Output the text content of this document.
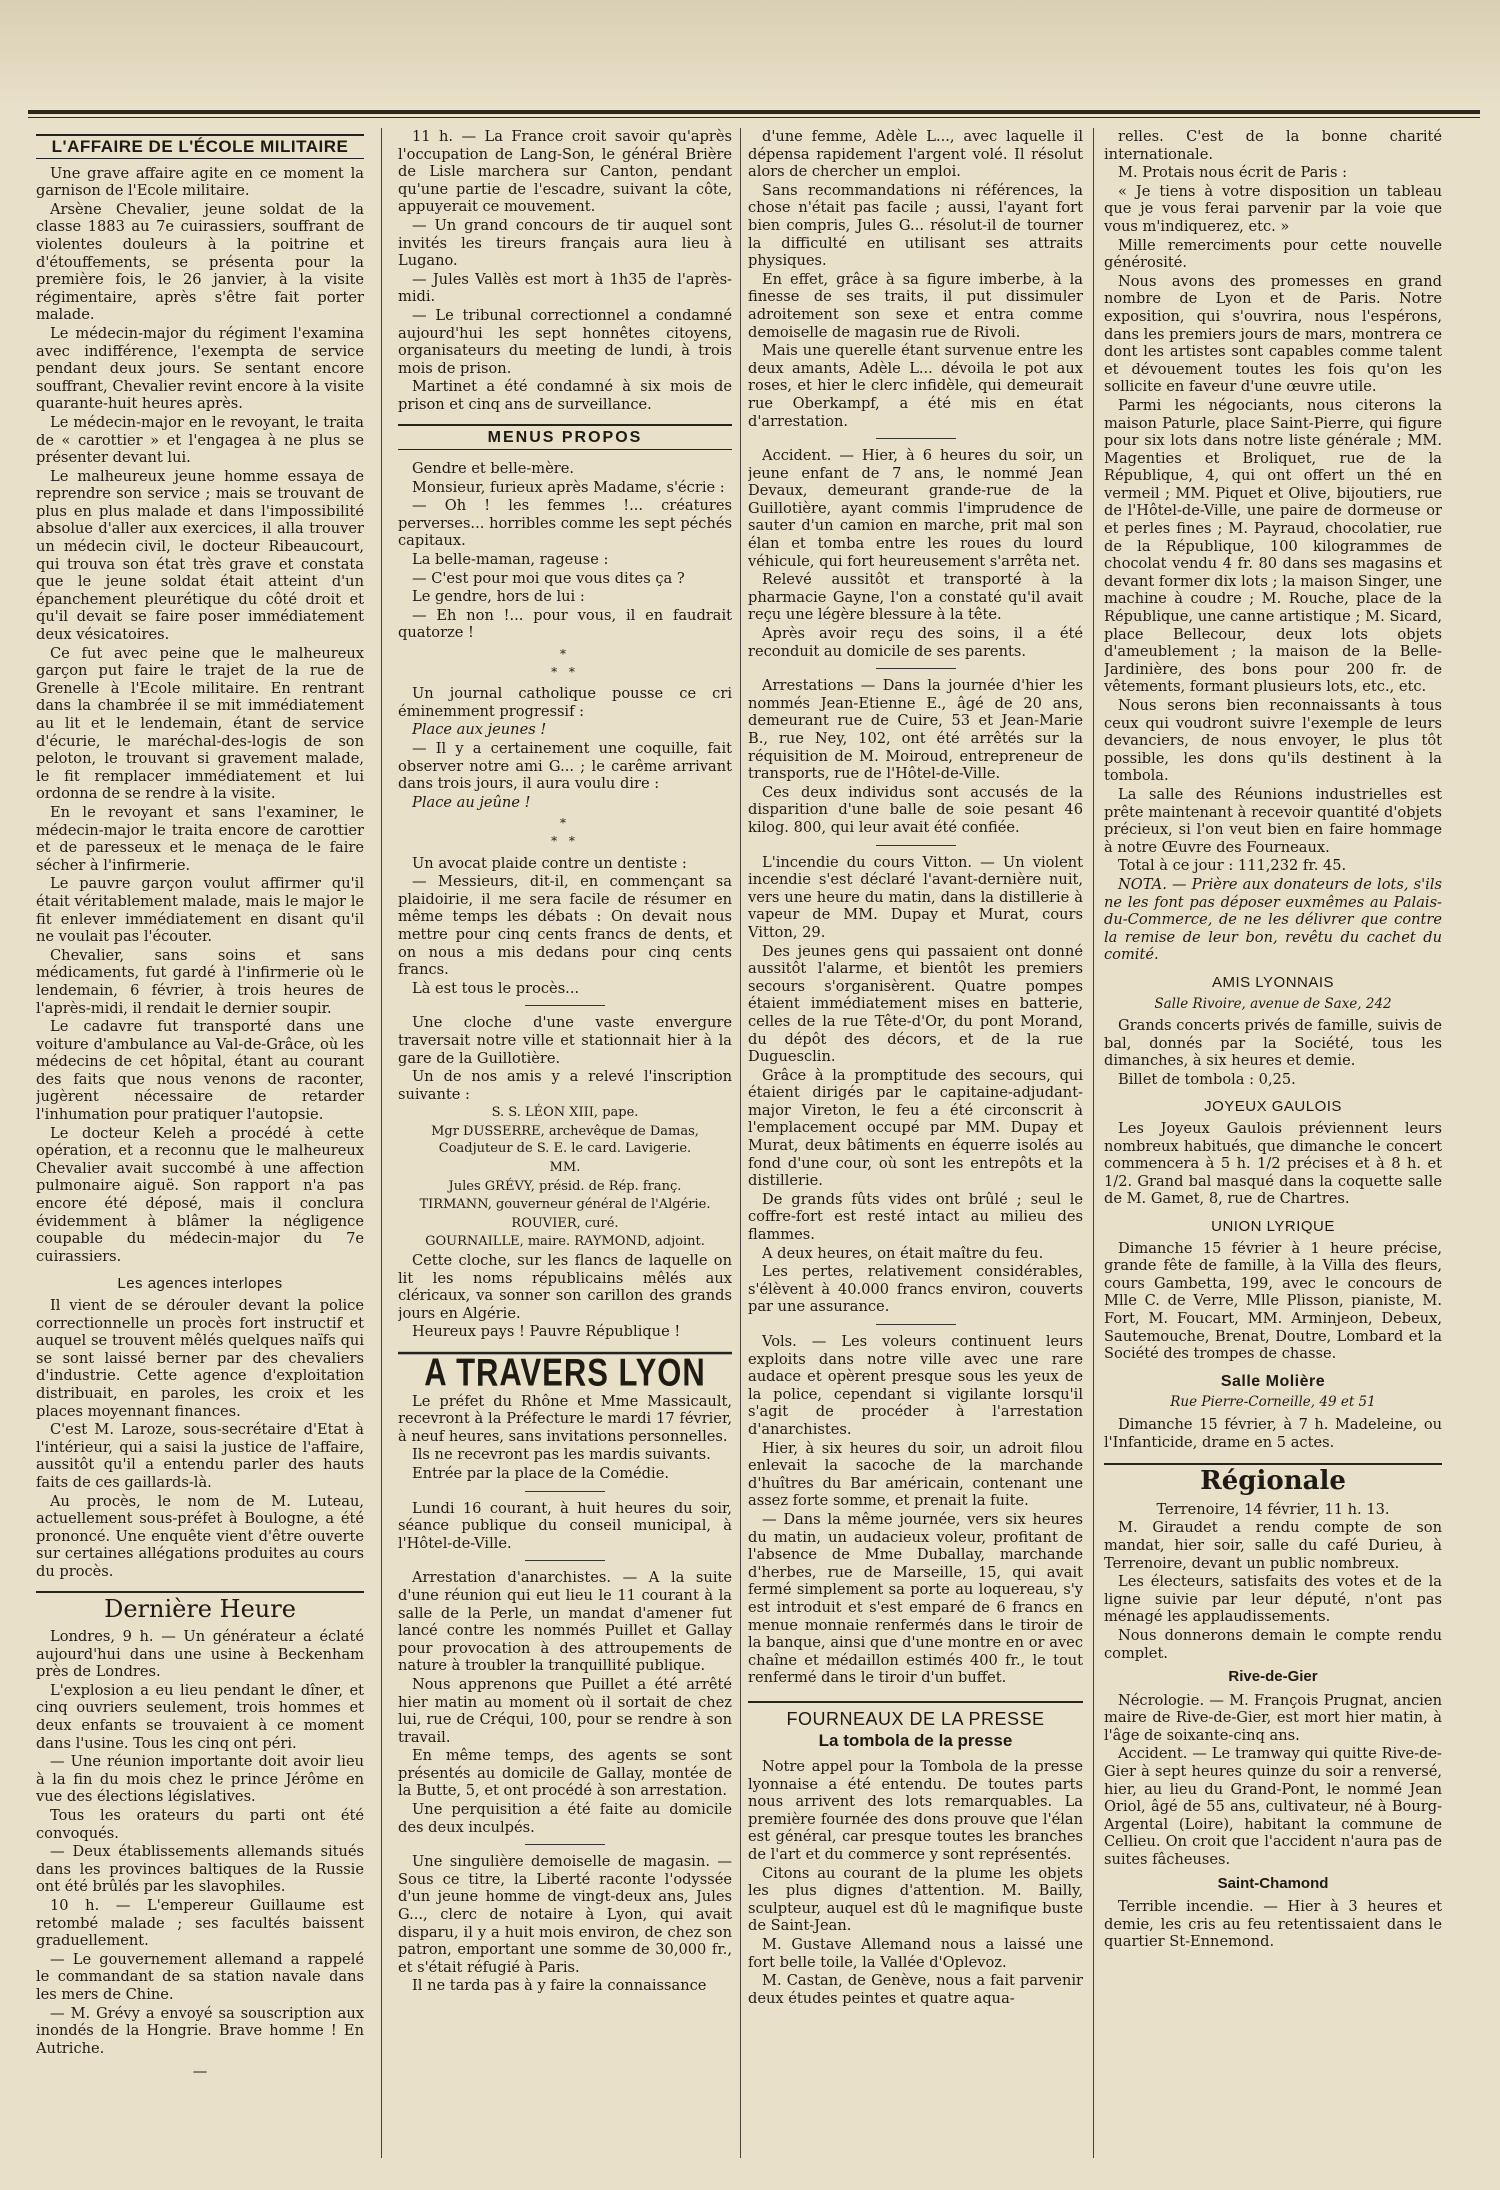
L'AFFAIRE DE L'ÉCOLE MILITAIRE

Une grave affaire agite en ce moment la garnison de l'Ecole militaire.

Arsène Chevalier, jeune soldat de la classe 1883 au 7e cuirassiers, souffrant de violentes douleurs à la poitrine et d'étouffements, se présenta pour la première fois, le 26 janvier, à la visite régimentaire, après s'être fait porter malade.

Le médecin-major du régiment l'examina avec indifférence, l'exempta de service pendant deux jours. Se sentant encore souffrant, Chevalier revint encore à la visite quarante-huit heures après.

Le médecin-major en le revoyant, le traita de « carottier » et l'engagea à ne plus se présenter devant lui.

Le malheureux jeune homme essaya de reprendre son service ; mais se trouvant de plus en plus malade et dans l'impossibilité absolue d'aller aux exercices, il alla trouver un médecin civil, le docteur Ribeaucourt, qui trouva son état très grave et constata que le jeune soldat était atteint d'un épanchement pleurétique du côté droit et qu'il devait se faire poser immédiatement deux vésicatoires.

Ce fut avec peine que le malheureux garçon put faire le trajet de la rue de Grenelle à l'Ecole militaire. En rentrant dans la chambrée il se mit immédiatement au lit et le lendemain, étant de service d'écurie, le maréchal-des-logis de son peloton, le trouvant si gravement malade, le fit remplacer immédiatement et lui ordonna de se rendre à la visite.

En le revoyant et sans l'examiner, le médecin-major le traita encore de carottier et de paresseux et le menaça de le faire sécher à l'infirmerie.

Le pauvre garçon voulut affirmer qu'il était véritablement malade, mais le major le fit enlever immédiatement en disant qu'il ne voulait pas l'écouter.

Chevalier, sans soins et sans médicaments, fut gardé à l'infirmerie où le lendemain, 6 février, à trois heures de l'après-midi, il rendait le dernier soupir.

Le cadavre fut transporté dans une voiture d'ambulance au Val-de-Grâce, où les médecins de cet hôpital, étant au courant des faits que nous venons de raconter, jugèrent nécessaire de retarder l'inhumation pour pratiquer l'autopsie.

Le docteur Keleh a procédé à cette opération, et a reconnu que le malheureux Chevalier avait succombé à une affection pulmonaire aiguë. Son rapport n'a pas encore été déposé, mais il conclura évidemment à blâmer la négligence coupable du médecin-major du 7e cuirassiers.

Les agences interlopes

Il vient de se dérouler devant la police correctionnelle un procès fort instructif et auquel se trouvent mêlés quelques naïfs qui se sont laissé berner par des chevaliers d'industrie. Cette agence d'exploitation distribuait, en paroles, les croix et les places moyennant finances.

C'est M. Laroze, sous-secrétaire d'Etat à l'intérieur, qui a saisi la justice de l'affaire, aussitôt qu'il a entendu parler des hauts faits de ces gaillards-là.

Au procès, le nom de M. Luteau, actuellement sous-préfet à Boulogne, a été prononcé. Une enquête vient d'être ouverte sur certaines allégations produites au cours du procès.

Dernière Heure

Londres, 9 h. — Un générateur a éclaté aujourd'hui dans une usine à Beckenham près de Londres.

L'explosion a eu lieu pendant le dîner, et cinq ouvriers seulement, trois hommes et deux enfants se trouvaient à ce moment dans l'usine. Tous les cinq ont péri.

— Une réunion importante doit avoir lieu à la fin du mois chez le prince Jérôme en vue des élections législatives.

Tous les orateurs du parti ont été convoqués.

— Deux établissements allemands situés dans les provinces baltiques de la Russie ont été brûlés par les slavophiles.

10 h. — L'empereur Guillaume est retombé malade ; ses facultés baissent graduellement.

— Le gouvernement allemand a rappelé le commandant de sa station navale dans les mers de Chine.

— M. Grévy a envoyé sa souscription aux inondés de la Hongrie. Brave homme ! En Autriche.

—

11 h. — La France croit savoir qu'après l'occupation de Lang-Son, le général Brière de Lisle marchera sur Canton, pendant qu'une partie de l'escadre, suivant la côte, appuyerait ce mouvement.

— Un grand concours de tir auquel sont invités les tireurs français aura lieu à Lugano.

— Jules Vallès est mort à 1h35 de l'après-midi.

— Le tribunal correctionnel a condamné aujourd'hui les sept honnêtes citoyens, organisateurs du meeting de lundi, à trois mois de prison.

Martinet a été condamné à six mois de prison et cinq ans de surveillance.

MENUS PROPOS

Gendre et belle-mère.

Monsieur, furieux après Madame, s'écrie :

— Oh ! les femmes !... créatures perverses... horribles comme les sept péchés capitaux.

La belle-maman, rageuse :

— C'est pour moi que vous dites ça ?

Le gendre, hors de lui :

— Eh non !... pour vous, il en faudrait quatorze !

*
* *

Un journal catholique pousse ce cri éminemment progressif :

Place aux jeunes !

— Il y a certainement une coquille, fait observer notre ami G... ; le carême arrivant dans trois jours, il aura voulu dire :

Place au jeûne !

*
* *

Un avocat plaide contre un dentiste :

— Messieurs, dit-il, en commençant sa plaidoirie, il me sera facile de résumer en même temps les débats : On devait nous mettre pour cinq cents francs de dents, et on nous a mis dedans pour cinq cents francs.

Là est tous le procès...

Une cloche d'une vaste envergure traversait notre ville et stationnait hier à la gare de la Guillotière.

Un de nos amis y a relevé l'inscription suivante :

S. S. LÉON XIII, pape.

Mgr DUSSERRE, archevêque de Damas, Coadjuteur de S. E. le card. Lavigerie.

MM.

Jules GRÉVY, présid. de Rép. franç.

TIRMANN, gouverneur général de l'Algérie.

ROUVIER, curé.

GOURNAILLE, maire. RAYMOND, adjoint.

Cette cloche, sur les flancs de laquelle on lit les noms républicains mêlés aux cléricaux, va sonner son carillon des grands jours en Algérie.

Heureux pays ! Pauvre République !

A TRAVERS LYON

Le préfet du Rhône et Mme Massicault, recevront à la Préfecture le mardi 17 février, à neuf heures, sans invitations personnelles.

Ils ne recevront pas les mardis suivants.

Entrée par la place de la Comédie.

Lundi 16 courant, à huit heures du soir, séance publique du conseil municipal, à l'Hôtel-de-Ville.

Arrestation d'anarchistes. — A la suite d'une réunion qui eut lieu le 11 courant à la salle de la Perle, un mandat d'amener fut lancé contre les nommés Puillet et Gallay pour provocation à des attroupements de nature à troubler la tranquillité publique.

Nous apprenons que Puillet a été arrêté hier matin au moment où il sortait de chez lui, rue de Créqui, 100, pour se rendre à son travail.

En même temps, des agents se sont présentés au domicile de Gallay, montée de la Butte, 5, et ont procédé à son arrestation.

Une perquisition a été faite au domicile des deux inculpés.

Une singulière demoiselle de magasin. — Sous ce titre, la Liberté raconte l'odyssée d'un jeune homme de vingt-deux ans, Jules G..., clerc de notaire à Lyon, qui avait disparu, il y a huit mois environ, de chez son patron, emportant une somme de 30,000 fr., et s'était réfugié à Paris.

Il ne tarda pas à y faire la connaissance

d'une femme, Adèle L..., avec laquelle il dépensa rapidement l'argent volé. Il résolut alors de chercher un emploi.

Sans recommandations ni références, la chose n'était pas facile ; aussi, l'ayant fort bien compris, Jules G... résolut-il de tourner la difficulté en utilisant ses attraits physiques.

En effet, grâce à sa figure imberbe, à la finesse de ses traits, il put dissimuler adroitement son sexe et entra comme demoiselle de magasin rue de Rivoli.

Mais une querelle étant survenue entre les deux amants, Adèle L... dévoila le pot aux roses, et hier le clerc infidèle, qui demeurait rue Oberkampf, a été mis en état d'arrestation.

Accident. — Hier, à 6 heures du soir, un jeune enfant de 7 ans, le nommé Jean Devaux, demeurant grande-rue de la Guillotière, ayant commis l'imprudence de sauter d'un camion en marche, prit mal son élan et tomba entre les roues du lourd véhicule, qui fort heureusement s'arrêta net.

Relevé aussitôt et transporté à la pharmacie Gayne, l'on a constaté qu'il avait reçu une légère blessure à la tête.

Après avoir reçu des soins, il a été reconduit au domicile de ses parents.

Arrestations — Dans la journée d'hier les nommés Jean-Etienne E., âgé de 20 ans, demeurant rue de Cuire, 53 et Jean-Marie B., rue Ney, 102, ont été arrêtés sur la réquisition de M. Moiroud, entrepreneur de transports, rue de l'Hôtel-de-Ville.

Ces deux individus sont accusés de la disparition d'une balle de soie pesant 46 kilog. 800, qui leur avait été confiée.

L'incendie du cours Vitton. — Un violent incendie s'est déclaré l'avant-dernière nuit, vers une heure du matin, dans la distillerie à vapeur de MM. Dupay et Murat, cours Vitton, 29.

Des jeunes gens qui passaient ont donné aussitôt l'alarme, et bientôt les premiers secours s'organisèrent. Quatre pompes étaient immédiatement mises en batterie, celles de la rue Tête-d'Or, du pont Morand, du dépôt des décors, et de la rue Duguesclin.

Grâce à la promptitude des secours, qui étaient dirigés par le capitaine-adjudant-major Vireton, le feu a été circonscrit à l'emplacement occupé par MM. Dupay et Murat, deux bâtiments en équerre isolés au fond d'une cour, où sont les entrepôts et la distillerie.

De grands fûts vides ont brûlé ; seul le coffre-fort est resté intact au milieu des flammes.

A deux heures, on était maître du feu.

Les pertes, relativement considérables, s'élèvent à 40.000 francs environ, couverts par une assurance.

Vols. — Les voleurs continuent leurs exploits dans notre ville avec une rare audace et opèrent presque sous les yeux de la police, cependant si vigilante lorsqu'il s'agit de procéder à l'arrestation d'anarchistes.

Hier, à six heures du soir, un adroit filou enlevait la sacoche de la marchande d'huîtres du Bar américain, contenant une assez forte somme, et prenait la fuite.

— Dans la même journée, vers six heures du matin, un audacieux voleur, profitant de l'absence de Mme Duballay, marchande d'herbes, rue de Marseille, 15, qui avait fermé simplement sa porte au loquereau, s'y est introduit et s'est emparé de 6 francs en menue monnaie renfermés dans le tiroir de la banque, ainsi que d'une montre en or avec chaîne et médaillon estimés 400 fr., le tout renfermé dans le tiroir d'un buffet.

FOURNEAUX DE LA PRESSE
La tombola de la presse

Notre appel pour la Tombola de la presse lyonnaise a été entendu. De toutes parts nous arrivent des lots remarquables. La première fournée des dons prouve que l'élan est général, car presque toutes les branches de l'art et du commerce y sont représentés.

Citons au courant de la plume les objets les plus dignes d'attention. M. Bailly, sculpteur, auquel est dû le magnifique buste de Saint-Jean.

M. Gustave Allemand nous a laissé une fort belle toile, la Vallée d'Oplevoz.

M. Castan, de Genève, nous a fait parvenir deux études peintes et quatre aqua-

relles. C'est de la bonne charité internationale.

M. Protais nous écrit de Paris :

« Je tiens à votre disposition un tableau que je vous ferai parvenir par la voie que vous m'indiquerez, etc. »

Mille remerciments pour cette nouvelle générosité.

Nous avons des promesses en grand nombre de Lyon et de Paris. Notre exposition, qui s'ouvrira, nous l'espérons, dans les premiers jours de mars, montrera ce dont les artistes sont capables comme talent et dévouement toutes les fois qu'on les sollicite en faveur d'une œuvre utile.

Parmi les négociants, nous citerons la maison Paturle, place Saint-Pierre, qui figure pour six lots dans notre liste générale ; MM. Magenties et Broliquet, rue de la République, 4, qui ont offert un thé en vermeil ; MM. Piquet et Olive, bijoutiers, rue de l'Hôtel-de-Ville, une paire de dormeuse or et perles fines ; M. Payraud, chocolatier, rue de la République, 100 kilogrammes de chocolat vendu 4 fr. 80 dans ses magasins et devant former dix lots ; la maison Singer, une machine à coudre ; M. Rouche, place de la République, une canne artistique ; M. Sicard, place Bellecour, deux lots objets d'ameublement ; la maison de la Belle-Jardinière, des bons pour 200 fr. de vêtements, formant plusieurs lots, etc., etc.

Nous serons bien reconnaissants à tous ceux qui voudront suivre l'exemple de leurs devanciers, de nous envoyer, le plus tôt possible, les dons qu'ils destinent à la tombola.

La salle des Réunions industrielles est prête maintenant à recevoir quantité d'objets précieux, si l'on veut bien en faire hommage à notre Œuvre des Fourneaux.

Total à ce jour : 111,232 fr. 45.

NOTA. — Prière aux donateurs de lots, s'ils ne les font pas déposer euxmêmes au Palais-du-Commerce, de ne les délivrer que contre la remise de leur bon, revêtu du cachet du comité.

AMIS LYONNAIS
Salle Rivoire, avenue de Saxe, 242

Grands concerts privés de famille, suivis de bal, donnés par la Société, tous les dimanches, à six heures et demie.

Billet de tombola : 0,25.

JOYEUX GAULOIS

Les Joyeux Gaulois préviennent leurs nombreux habitués, que dimanche le concert commencera à 5 h. 1/2 précises et à 8 h. et 1/2. Grand bal masqué dans la coquette salle de M. Gamet, 8, rue de Chartres.

UNION LYRIQUE

Dimanche 15 février à 1 heure précise, grande fête de famille, à la Villa des fleurs, cours Gambetta, 199, avec le concours de Mlle C. de Verre, Mlle Plisson, pianiste, M. Fort, M. Foucart, MM. Arminjeon, Debeux, Sautemouche, Brenat, Doutre, Lombard et la Société des trompes de chasse.

Salle Molière
Rue Pierre-Corneille, 49 et 51

Dimanche 15 février, à 7 h. Madeleine, ou l'Infanticide, drame en 5 actes.

Régionale

Terrenoire, 14 février, 11 h. 13.

M. Giraudet a rendu compte de son mandat, hier soir, salle du café Durieu, à Terrenoire, devant un public nombreux.

Les électeurs, satisfaits des votes et de la ligne suivie par leur député, n'ont pas ménagé les applaudissements.

Nous donnerons demain le compte rendu complet.

Rive-de-Gier

Nécrologie. — M. François Prugnat, ancien maire de Rive-de-Gier, est mort hier matin, à l'âge de soixante-cinq ans.

Accident. — Le tramway qui quitte Rive-de-Gier à sept heures quinze du soir a renversé, hier, au lieu du Grand-Pont, le nommé Jean Oriol, âgé de 55 ans, cultivateur, né à Bourg-Argental (Loire), habitant la commune de Cellieu. On croit que l'accident n'aura pas de suites fâcheuses.

Saint-Chamond

Terrible incendie. — Hier à 3 heures et demie, les cris au feu retentissaient dans le quartier St-Ennemond.
